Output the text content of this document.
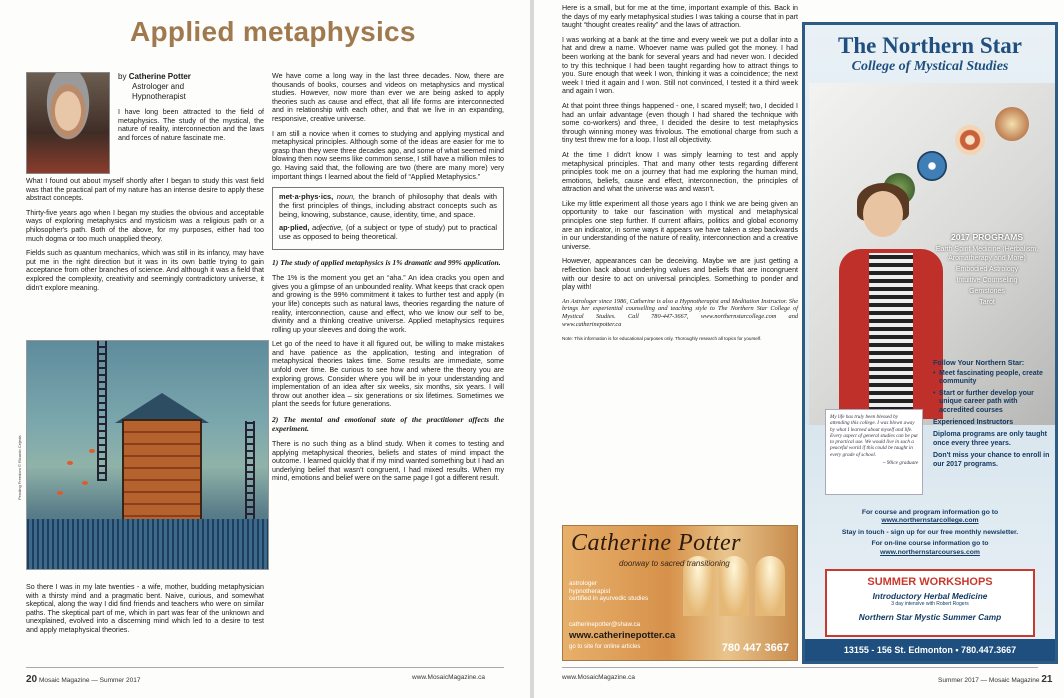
Applied metaphysics
by Catherine Potter
Astrologer and
Hypnotherapist

I have long been attracted to the field of metaphysics. The study of the mystical, the nature of reality, interconnection and the laws and forces of nature fascinate me.

What I found out about myself shortly after I began to study this vast field was that the practical part of my nature has an intense desire to apply these abstract concepts.

Thirty-five years ago when I began my studies the obvious and acceptable ways of exploring metaphysics and mysticism was a religious path or a philosopher's path. Both of the above, for my purposes, either had too much dogma or too much unapplied theory.

Fields such as quantum mechanics, which was still in its infancy, may have put me in the right direction but it was in its own battle trying to gain acceptance from other branches of science. And although it was a field that explored the complexity, creativity and seemingly contradictory universe, it didn't explore meaning.

Pending Freedom © Ricardo Cejeda

So there I was in my late twenties - a wife, mother, budding metaphysician with a thirsty mind and a pragmatic bent. Naive, curious, and somewhat skeptical, along the way I did find friends and teachers who were on similar paths. The skeptical part of me, which in part was fear of the unknown and unexplained, evolved into a discerning mind which led to a desire to test and apply metaphysical theories.

We have come a long way in the last three decades. Now, there are thousands of books, courses and videos on metaphysics and mystical studies. However, now more than ever we are being asked to apply theories such as cause and effect, that all life forms are interconnected and in relationship with each other, and that we live in an expanding, responsive, creative universe.

I am still a novice when it comes to studying and applying mystical and metaphysical principles. Although some of the ideas are easier for me to grasp than they were three decades ago, and some of what seemed mind blowing then now seems like common sense, I still have a million miles to go. Having said that, the following are two (there are many more) very important things I learned about the field of “Applied Metaphysics.”

met·a·phys·ics, noun, the branch of philosophy that deals with the first principles of things, including abstract concepts such as being, knowing, substance, cause, identity, time, and space.

ap·plied, adjective, (of a subject or type of study) put to practical use as opposed to being theoretical.

1) The study of applied metaphysics is 1% dramatic and 99% application.

The 1% is the moment you get an “aha.” An idea cracks you open and gives you a glimpse of an unbounded reality. What keeps that crack open and growing is the 99% commitment it takes to further test and apply (in your life) concepts such as natural laws, theories regarding the nature of reality, interconnection, cause and effect, who we know our self to be, divinity and a thinking creative universe. Applied metaphysics requires rolling up your sleeves and doing the work.

Let go of the need to have it all figured out, be willing to make mistakes and have patience as the application, testing and integration of metaphysical theories takes time. Some results are immediate, some unfold over time. Be curious to see how and where the theory you are exploring grows. Consider where you will be in your understanding and implementation of an idea after six weeks, six months, six years. I will throw out another idea – six generations or six lifetimes. Sometimes we plant the seeds for future generations.

2) The mental and emotional state of the practitioner affects the experiment.

There is no such thing as a blind study. When it comes to testing and applying metaphysical theories, beliefs and states of mind impact the outcome. I learned quickly that if my mind wanted something but I had an underlying belief that wasn't congruent, I had mixed results. When my mind, emotions and belief were on the same page I got a different result.

20 Mosaic Magazine — Summer 2017	www.MosaicMagazine.ca

Here is a small, but for me at the time, important example of this. Back in the days of my early metaphysical studies I was taking a course that in part taught “thought creates reality” and the laws of attraction.

I was working at a bank at the time and every week we put a dollar into a hat and drew a name. Whoever name was pulled got the money. I had been working at the bank for several years and had never won. I decided to try this technique I had been taught regarding how to attract things to you. Sure enough that week I won, thinking it was a coincidence; the next week I tried it again and I won. Still not convinced, I tested it a third week and again I won.

At that point three things happened - one, I scared myself; two, I decided I had an unfair advantage (even though I had shared the technique with some co-workers) and three, I decided the desire to test metaphysics through winning money was frivolous. The emotional charge from such a tiny test threw me for a loop. I lost all objectivity.

At the time I didn't know I was simply learning to test and apply metaphysical principles. That and many other tests regarding different principles took me on a journey that had me exploring the human mind, emotions, beliefs, cause and effect, interconnection, the principles of attraction and what the universe was and wasn't.

Like my little experiment all those years ago I think we are being given an opportunity to take our fascination with mystical and metaphysical principles one step further. If current affairs, politics and global economy are an indicator, in some ways it appears we have taken a step backwards in our understanding of the nature of reality, interconnection and a creative universe.

However, appearances can be deceiving. Maybe we are just getting a reflection back about underlying values and beliefs that are incongruent with our desire to act on universal principles. Something to ponder and play with!

An Astrologer since 1986, Catherine is also a Hypnotherapist and Meditation Instructor. She brings her experiential counselling and teaching style to The Northern Star College of Mystical Studies. Call 780-447-3667, www.northernstarcollege.com and www.catherinepotter.ca
Note: This information is for educational purposes only. Thoroughly research all topics for yourself.
Catherine Potter
doorway to sacred transitioning
astrologer
hypnotherapist
certified in ayurvedic studies
catherinepotter@shaw.ca
www.catherinepotter.ca
go to site for online articles	780 447 3667
The Northern Star
College of Mystical Studies
2017 PROGRAMS
Earth Spirit Medicine (Herbalism, Aromatherapy and More)
Embodied Astrology
Intuitive Counseling
Gemstones
Tarot
Follow Your Northern Star:
• Meet fascinating people, create community
• Start or further develop your unique career path with accredited courses
Experienced Instructors
Diploma programs are only taught once every three years.
Don't miss your chance to enroll in our 2017 programs.
My life has truly been blessed by attending this college. I was blown away by what I learned about myself and life. Every aspect of general studies can be put to practical use. We would live in such a peaceful world if this could be taught in every grade of school.
~ 90ice graduate
For course and program information go to
www.northernstarcollege.com
Stay in touch - sign up for our free monthly newsletter.
For on-line course information go to
www.northernstarcourses.com
SUMMER WORKSHOPS
Introductory Herbal Medicine
3 day intensive with Robert Rogers
Northern Star Mystic Summer Camp
13155 - 156 St. Edmonton • 780.447.3667
www.MosaicMagazine.ca	Summer 2017 — Mosaic Magazine 21
